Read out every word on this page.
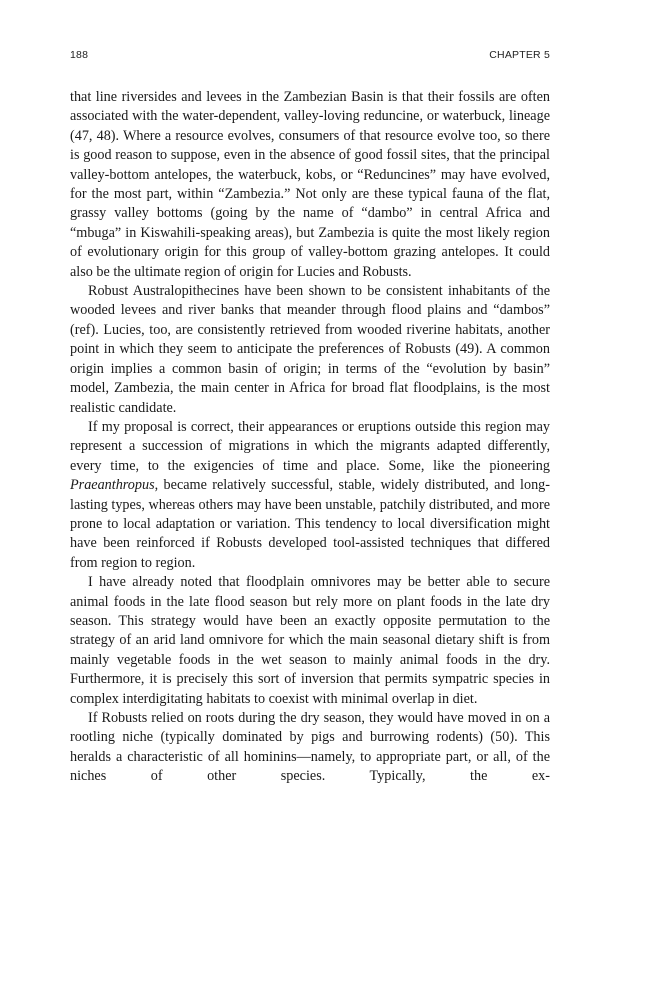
188	CHAPTER 5

that line riversides and levees in the Zambezian Basin is that their fossils are often associated with the water-dependent, valley-loving reduncine, or waterbuck, lineage (47, 48). Where a resource evolves, consumers of that resource evolve too, so there is good reason to suppose, even in the absence of good fossil sites, that the principal valley-bottom antelopes, the waterbuck, kobs, or “Reduncines” may have evolved, for the most part, within “Zambezia.” Not only are these typical fauna of the flat, grassy valley bottoms (going by the name of “dambo” in central Africa and “mbuga” in Kiswahili-speaking areas), but Zambezia is quite the most likely region of evolutionary origin for this group of valley-bottom grazing antelopes. It could also be the ultimate region of origin for Lucies and Robusts.

Robust Australopithecines have been shown to be consistent inhabitants of the wooded levees and river banks that meander through flood plains and “dambos” (ref). Lucies, too, are consistently retrieved from wooded riverine habitats, another point in which they seem to anticipate the preferences of Robusts (49). A common origin implies a common basin of origin; in terms of the “evolution by basin” model, Zambezia, the main center in Africa for broad flat floodplains, is the most realistic candidate.

If my proposal is correct, their appearances or eruptions outside this region may represent a succession of migrations in which the migrants adapted differently, every time, to the exigencies of time and place. Some, like the pioneering Praeanthropus, became relatively successful, stable, widely distributed, and long-lasting types, whereas others may have been unstable, patchily distributed, and more prone to local adaptation or variation. This tendency to local diversification might have been reinforced if Robusts developed tool-assisted techniques that differed from region to region.

I have already noted that floodplain omnivores may be better able to secure animal foods in the late flood season but rely more on plant foods in the late dry season. This strategy would have been an exactly opposite permutation to the strategy of an arid land omnivore for which the main seasonal dietary shift is from mainly vegetable foods in the wet season to mainly animal foods in the dry. Furthermore, it is precisely this sort of inversion that permits sympatric species in complex interdigitating habitats to coexist with minimal overlap in diet.

If Robusts relied on roots during the dry season, they would have moved in on a rootling niche (typically dominated by pigs and burrowing rodents) (50). This heralds a characteristic of all hominins—namely, to appropriate part, or all, of the niches of other species. Typically, the ex-
